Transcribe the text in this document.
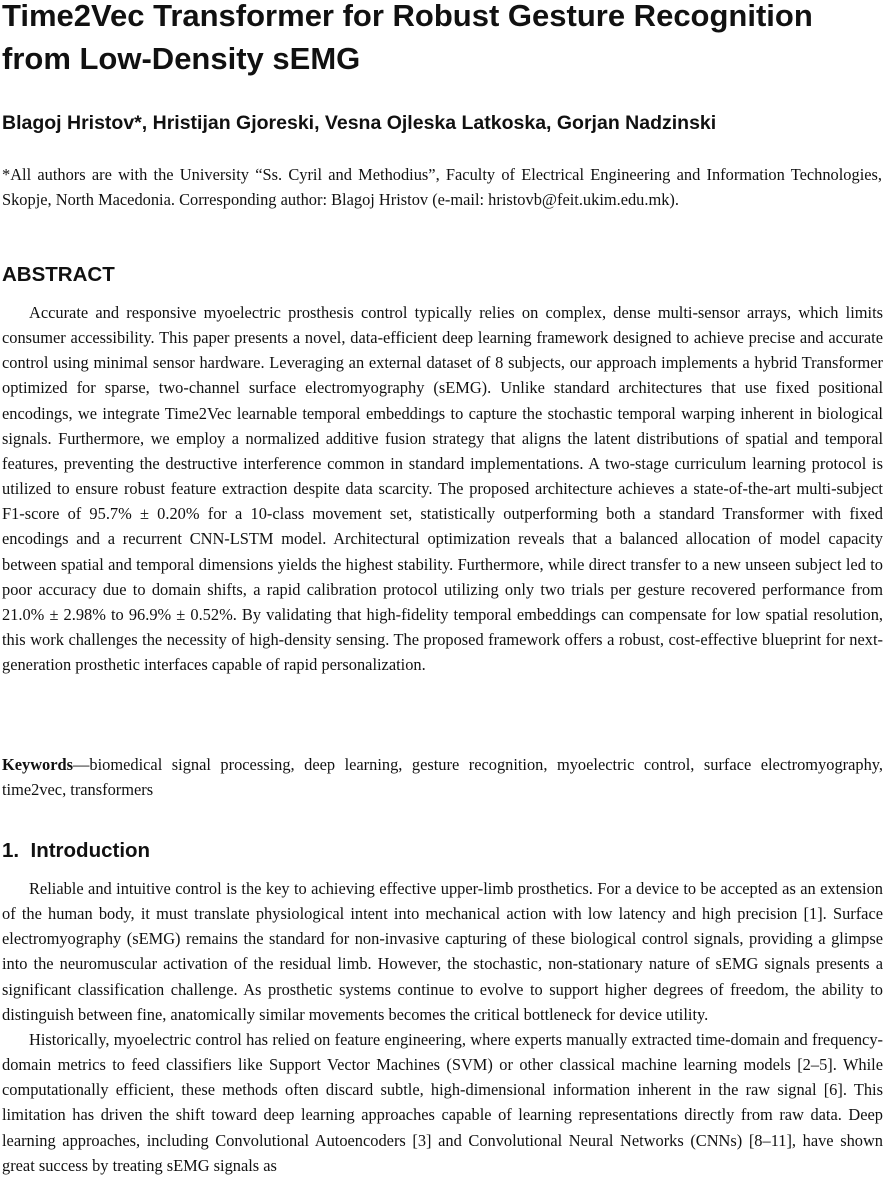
Time2Vec Transformer for Robust Gesture Recognition from Low-Density sEMG

Blagoj Hristov*, Hristijan Gjoreski, Vesna Ojleska Latkoska, Gorjan Nadzinski

*All authors are with the University “Ss. Cyril and Methodius”, Faculty of Electrical Engineering and Information Technologies, Skopje, North Macedonia. Corresponding author: Blagoj Hristov (e-mail: hristovb@feit.ukim.edu.mk).

ABSTRACT

Accurate and responsive myoelectric prosthesis control typically relies on complex, dense multi-sensor arrays, which limits consumer accessibility. This paper presents a novel, data-efficient deep learning framework designed to achieve precise and accurate control using minimal sensor hardware. Leveraging an external dataset of 8 subjects, our approach implements a hybrid Transformer optimized for sparse, two-channel surface electromyography (sEMG). Unlike standard architectures that use fixed positional encodings, we integrate Time2Vec learnable temporal embeddings to capture the stochastic temporal warping inherent in biological signals. Furthermore, we employ a normalized additive fusion strategy that aligns the latent distributions of spatial and temporal features, preventing the destructive interference common in standard implementations. A two-stage curriculum learning protocol is utilized to ensure robust feature extraction despite data scarcity. The proposed architecture achieves a state-of-the-art multi-subject F1-score of 95.7% ± 0.20% for a 10-class movement set, statistically outperforming both a standard Transformer with fixed encodings and a recurrent CNN-LSTM model. Architectural optimization reveals that a balanced allocation of model capacity between spatial and temporal dimensions yields the highest stability. Furthermore, while direct transfer to a new unseen subject led to poor accuracy due to domain shifts, a rapid calibration protocol utilizing only two trials per gesture recovered performance from 21.0% ± 2.98% to 96.9% ± 0.52%. By validating that high-fidelity temporal embeddings can compensate for low spatial resolution, this work challenges the necessity of high-density sensing. The proposed framework offers a robust, cost-effective blueprint for next-generation prosthetic interfaces capable of rapid personalization.

Keywords—biomedical signal processing, deep learning, gesture recognition, myoelectric control, surface electromyography, time2vec, transformers

1. Introduction

Reliable and intuitive control is the key to achieving effective upper-limb prosthetics. For a device to be accepted as an extension of the human body, it must translate physiological intent into mechanical action with low latency and high precision [1]. Surface electromyography (sEMG) remains the standard for non-invasive capturing of these biological control signals, providing a glimpse into the neuromuscular activation of the residual limb. However, the stochastic, non-stationary nature of sEMG signals presents a significant classification challenge. As prosthetic systems continue to evolve to support higher degrees of freedom, the ability to distinguish between fine, anatomically similar movements becomes the critical bottleneck for device utility.

Historically, myoelectric control has relied on feature engineering, where experts manually extracted time-domain and frequency-domain metrics to feed classifiers like Support Vector Machines (SVM) or other classical machine learning models [2–5]. While computationally efficient, these methods often discard subtle, high-dimensional information inherent in the raw signal [6]. This limitation has driven the shift toward deep learning approaches capable of learning representations directly from raw data. Deep learning approaches, including Convolutional Autoencoders [3] and Convolutional Neural Networks (CNNs) [8–11], have shown great success by treating sEMG signals as
